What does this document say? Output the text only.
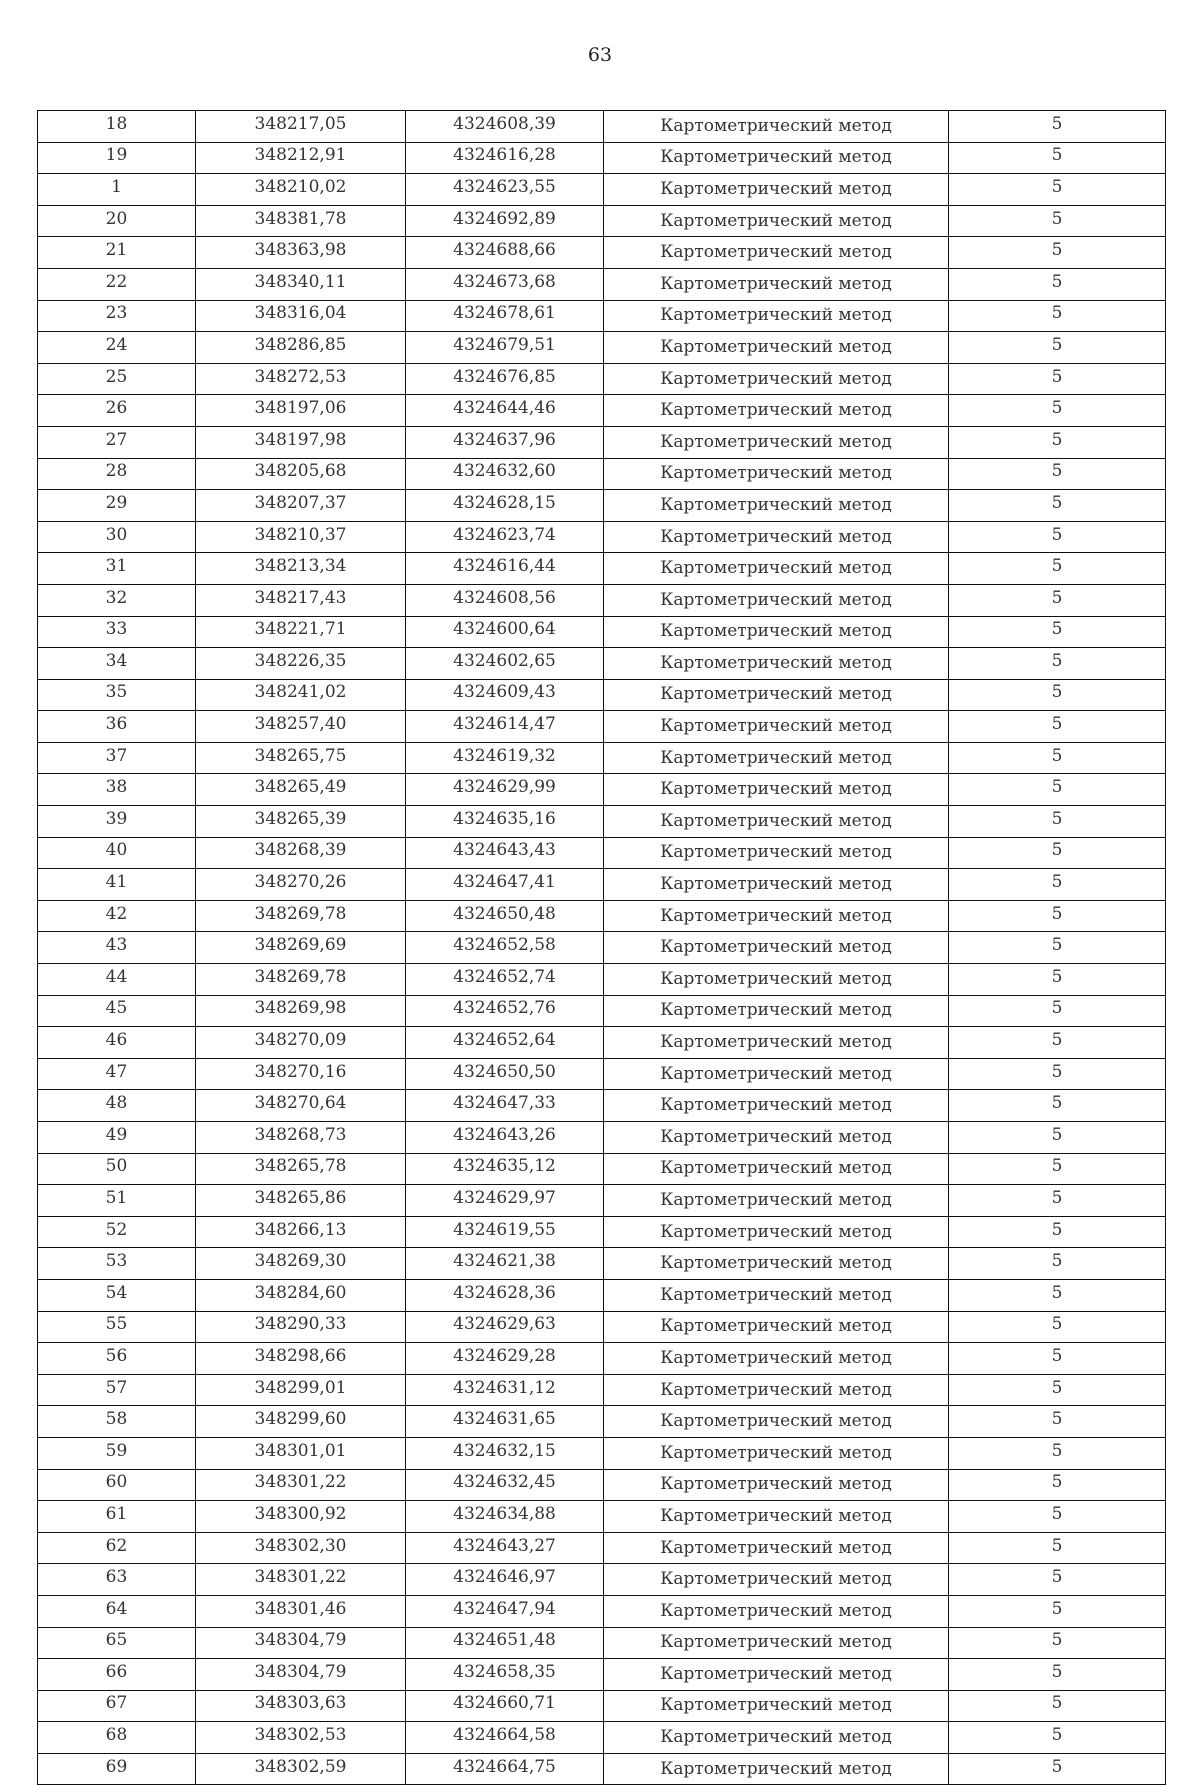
63
18	348217,05	4324608,39	Картометрический метод	5
19	348212,91	4324616,28	Картометрический метод	5
1	348210,02	4324623,55	Картометрический метод	5
20	348381,78	4324692,89	Картометрический метод	5
21	348363,98	4324688,66	Картометрический метод	5
22	348340,11	4324673,68	Картометрический метод	5
23	348316,04	4324678,61	Картометрический метод	5
24	348286,85	4324679,51	Картометрический метод	5
25	348272,53	4324676,85	Картометрический метод	5
26	348197,06	4324644,46	Картометрический метод	5
27	348197,98	4324637,96	Картометрический метод	5
28	348205,68	4324632,60	Картометрический метод	5
29	348207,37	4324628,15	Картометрический метод	5
30	348210,37	4324623,74	Картометрический метод	5
31	348213,34	4324616,44	Картометрический метод	5
32	348217,43	4324608,56	Картометрический метод	5
33	348221,71	4324600,64	Картометрический метод	5
34	348226,35	4324602,65	Картометрический метод	5
35	348241,02	4324609,43	Картометрический метод	5
36	348257,40	4324614,47	Картометрический метод	5
37	348265,75	4324619,32	Картометрический метод	5
38	348265,49	4324629,99	Картометрический метод	5
39	348265,39	4324635,16	Картометрический метод	5
40	348268,39	4324643,43	Картометрический метод	5
41	348270,26	4324647,41	Картометрический метод	5
42	348269,78	4324650,48	Картометрический метод	5
43	348269,69	4324652,58	Картометрический метод	5
44	348269,78	4324652,74	Картометрический метод	5
45	348269,98	4324652,76	Картометрический метод	5
46	348270,09	4324652,64	Картометрический метод	5
47	348270,16	4324650,50	Картометрический метод	5
48	348270,64	4324647,33	Картометрический метод	5
49	348268,73	4324643,26	Картометрический метод	5
50	348265,78	4324635,12	Картометрический метод	5
51	348265,86	4324629,97	Картометрический метод	5
52	348266,13	4324619,55	Картометрический метод	5
53	348269,30	4324621,38	Картометрический метод	5
54	348284,60	4324628,36	Картометрический метод	5
55	348290,33	4324629,63	Картометрический метод	5
56	348298,66	4324629,28	Картометрический метод	5
57	348299,01	4324631,12	Картометрический метод	5
58	348299,60	4324631,65	Картометрический метод	5
59	348301,01	4324632,15	Картометрический метод	5
60	348301,22	4324632,45	Картометрический метод	5
61	348300,92	4324634,88	Картометрический метод	5
62	348302,30	4324643,27	Картометрический метод	5
63	348301,22	4324646,97	Картометрический метод	5
64	348301,46	4324647,94	Картометрический метод	5
65	348304,79	4324651,48	Картометрический метод	5
66	348304,79	4324658,35	Картометрический метод	5
67	348303,63	4324660,71	Картометрический метод	5
68	348302,53	4324664,58	Картометрический метод	5
69	348302,59	4324664,75	Картометрический метод	5
